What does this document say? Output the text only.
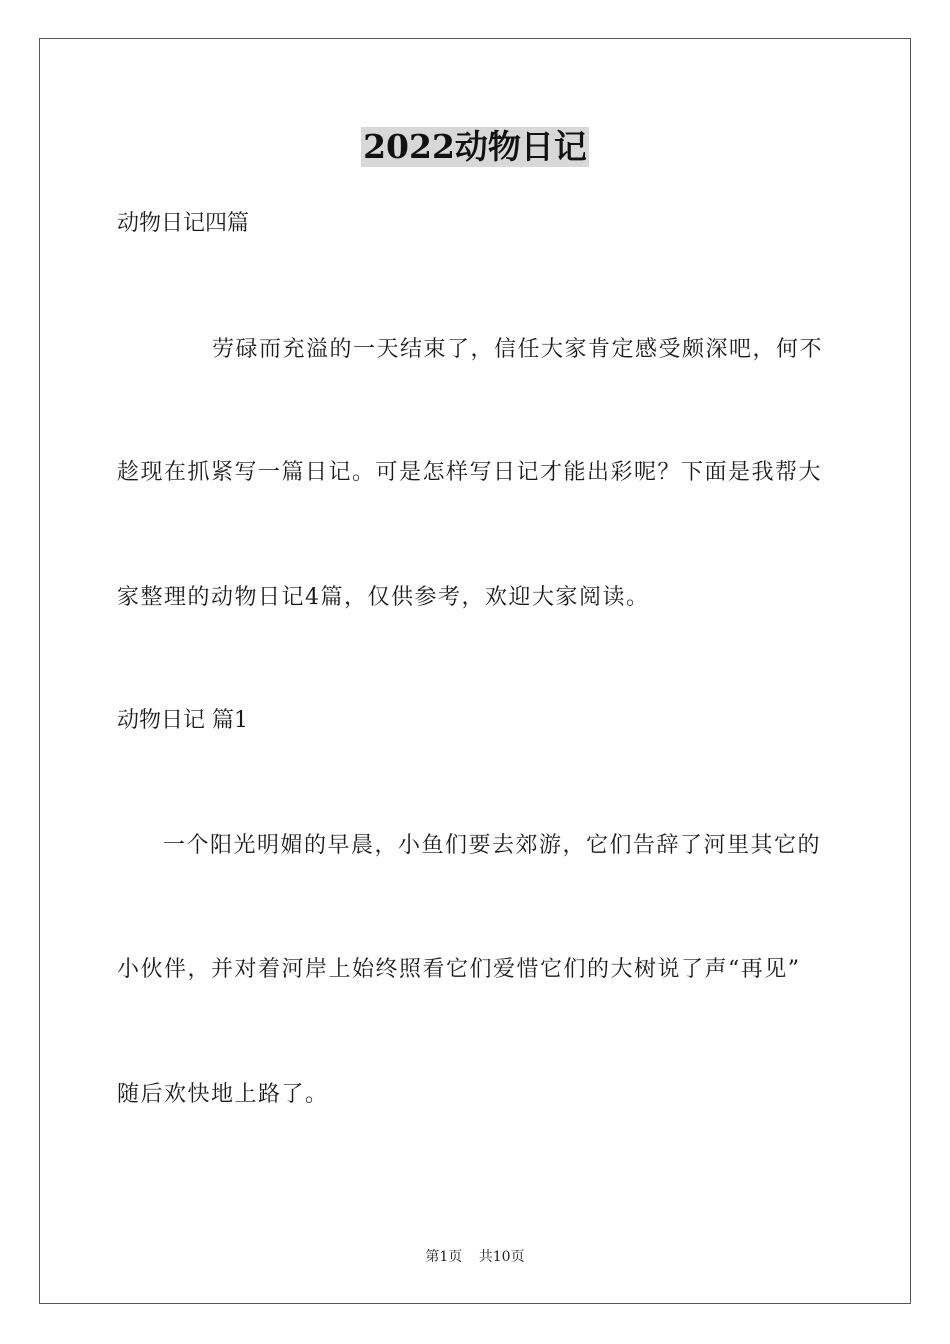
2022动物日记
动物日记四篇
劳碌而充溢的一天结束了，信任大家肯定感受颇深吧，何不
趁现在抓紧写一篇日记。可是怎样写日记才能出彩呢？下面是我帮大
家整理的动物日记4篇，仅供参考，欢迎大家阅读。
动物日记 篇1
一个阳光明媚的早晨，小鱼们要去郊游，它们告辞了河里其它的
小伙伴，并对着河岸上始终照看它们爱惜它们的大树说了声“再见”
随后欢快地上路了。
第1页 共10页
